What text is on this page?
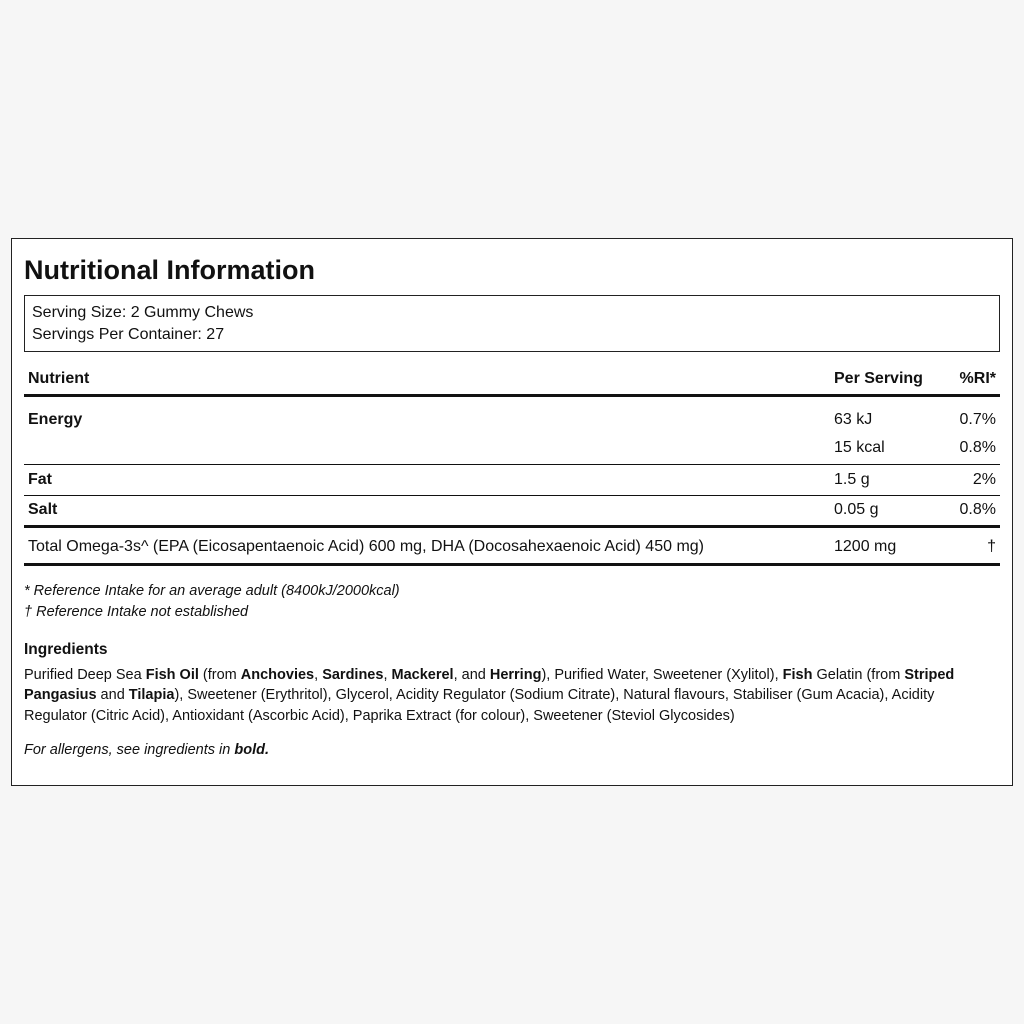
Nutritional Information
Serving Size: 2 Gummy Chews
Servings Per Container: 27
Nutrient	Per Serving	%RI*
Energy	63 kJ	0.7%
	15 kcal	0.8%
Fat	1.5 g	2%
Salt	0.05 g	0.8%
Total Omega-3s^ (EPA (Eicosapentaenoic Acid) 600 mg, DHA (Docosahexaenoic Acid) 450 mg)	1200 mg	†
* Reference Intake for an average adult (8400kJ/2000kcal)
† Reference Intake not established
Ingredients

Purified Deep Sea Fish Oil (from Anchovies, Sardines, Mackerel, and Herring), Purified Water, Sweetener (Xylitol), Fish Gelatin (from Striped Pangasius and Tilapia), Sweetener (Erythritol), Glycerol, Acidity Regulator (Sodium Citrate), Natural flavours, Stabiliser (Gum Acacia), Acidity Regulator (Citric Acid), Antioxidant (Ascorbic Acid), Paprika Extract (for colour), Sweetener (Steviol Glycosides)

For allergens, see ingredients in bold.
